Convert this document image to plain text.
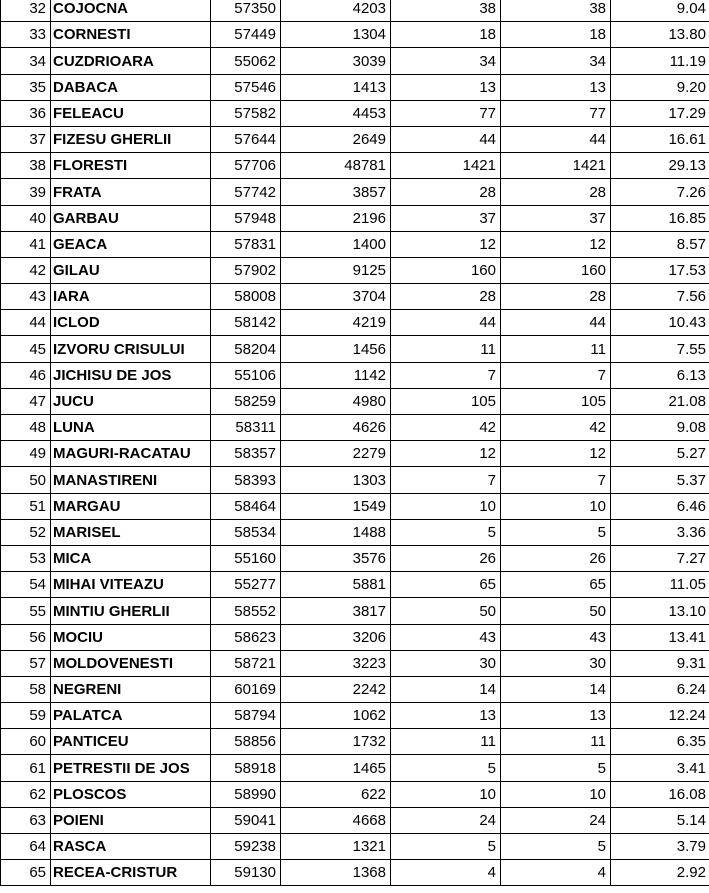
32	COJOCNA	57350	4203	38	38	9.04
33	CORNESTI	57449	1304	18	18	13.80
34	CUZDRIOARA	55062	3039	34	34	11.19
35	DABACA	57546	1413	13	13	9.20
36	FELEACU	57582	4453	77	77	17.29
37	FIZESU GHERLII	57644	2649	44	44	16.61
38	FLORESTI	57706	48781	1421	1421	29.13
39	FRATA	57742	3857	28	28	7.26
40	GARBAU	57948	2196	37	37	16.85
41	GEACA	57831	1400	12	12	8.57
42	GILAU	57902	9125	160	160	17.53
43	IARA	58008	3704	28	28	7.56
44	ICLOD	58142	4219	44	44	10.43
45	IZVORU CRISULUI	58204	1456	11	11	7.55
46	JICHISU DE JOS	55106	1142	7	7	6.13
47	JUCU	58259	4980	105	105	21.08
48	LUNA	58311	4626	42	42	9.08
49	MAGURI-RACATAU	58357	2279	12	12	5.27
50	MANASTIRENI	58393	1303	7	7	5.37
51	MARGAU	58464	1549	10	10	6.46
52	MARISEL	58534	1488	5	5	3.36
53	MICA	55160	3576	26	26	7.27
54	MIHAI VITEAZU	55277	5881	65	65	11.05
55	MINTIU GHERLII	58552	3817	50	50	13.10
56	MOCIU	58623	3206	43	43	13.41
57	MOLDOVENESTI	58721	3223	30	30	9.31
58	NEGRENI	60169	2242	14	14	6.24
59	PALATCA	58794	1062	13	13	12.24
60	PANTICEU	58856	1732	11	11	6.35
61	PETRESTII DE JOS	58918	1465	5	5	3.41
62	PLOSCOS	58990	622	10	10	16.08
63	POIENI	59041	4668	24	24	5.14
64	RASCA	59238	1321	5	5	3.79
65	RECEA-CRISTUR	59130	1368	4	4	2.92
